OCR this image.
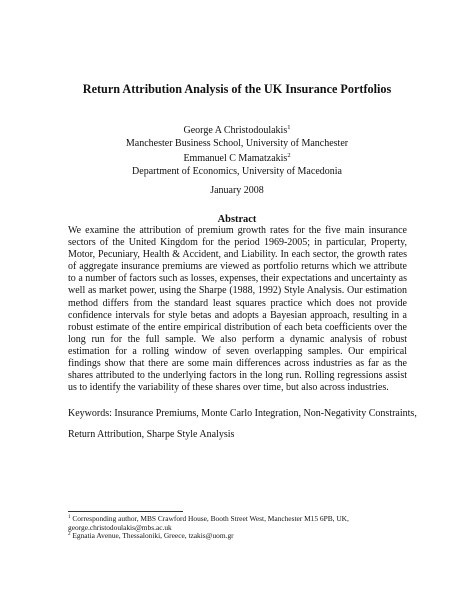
Return Attribution Analysis of the UK Insurance Portfolios
George A Christodoulakis$^1$
Manchester Business School, University of Manchester
Emmanuel C Mamatzakis$^2$
Department of Economics, University of Macedonia
January 2008
Abstract

We examine the attribution of premium growth rates for the five main insurance sectors of the United Kingdom for the period 1969-2005; in particular, Property, Motor, Pecuniary, Health & Accident, and Liability. In each sector, the growth rates of aggregate insurance premiums are viewed as portfolio returns which we attribute to a number of factors such as losses, expenses, their expectations and uncertainty as well as market power, using the Sharpe (1988, 1992) Style Analysis. Our estimation method differs from the standard least squares practice which does not provide confidence intervals for style betas and adopts a Bayesian approach, resulting in a robust estimate of the entire empirical distribution of each beta coefficients over the long run for the full sample. We also perform a dynamic analysis of robust estimation for a rolling window of seven overlapping samples. Our empirical findings show that there are some main differences across industries as far as the shares attributed to the underlying factors in the long run. Rolling regressions assist us to identify the variability of these shares over time, but also across industries.

Keywords: Insurance Premiums, Monte Carlo Integration, Non-Negativity Constraints,
Return Attribution, Sharpe Style Analysis
$^1$ Corresponding author, MBS Crawford House, Booth Street West, Manchester M15 6PB, UK,
george.christodoulakis@mbs.ac.uk
$^2$ Egnatia Avenue, Thessaloniki, Greece, tzakis@uom.gr
